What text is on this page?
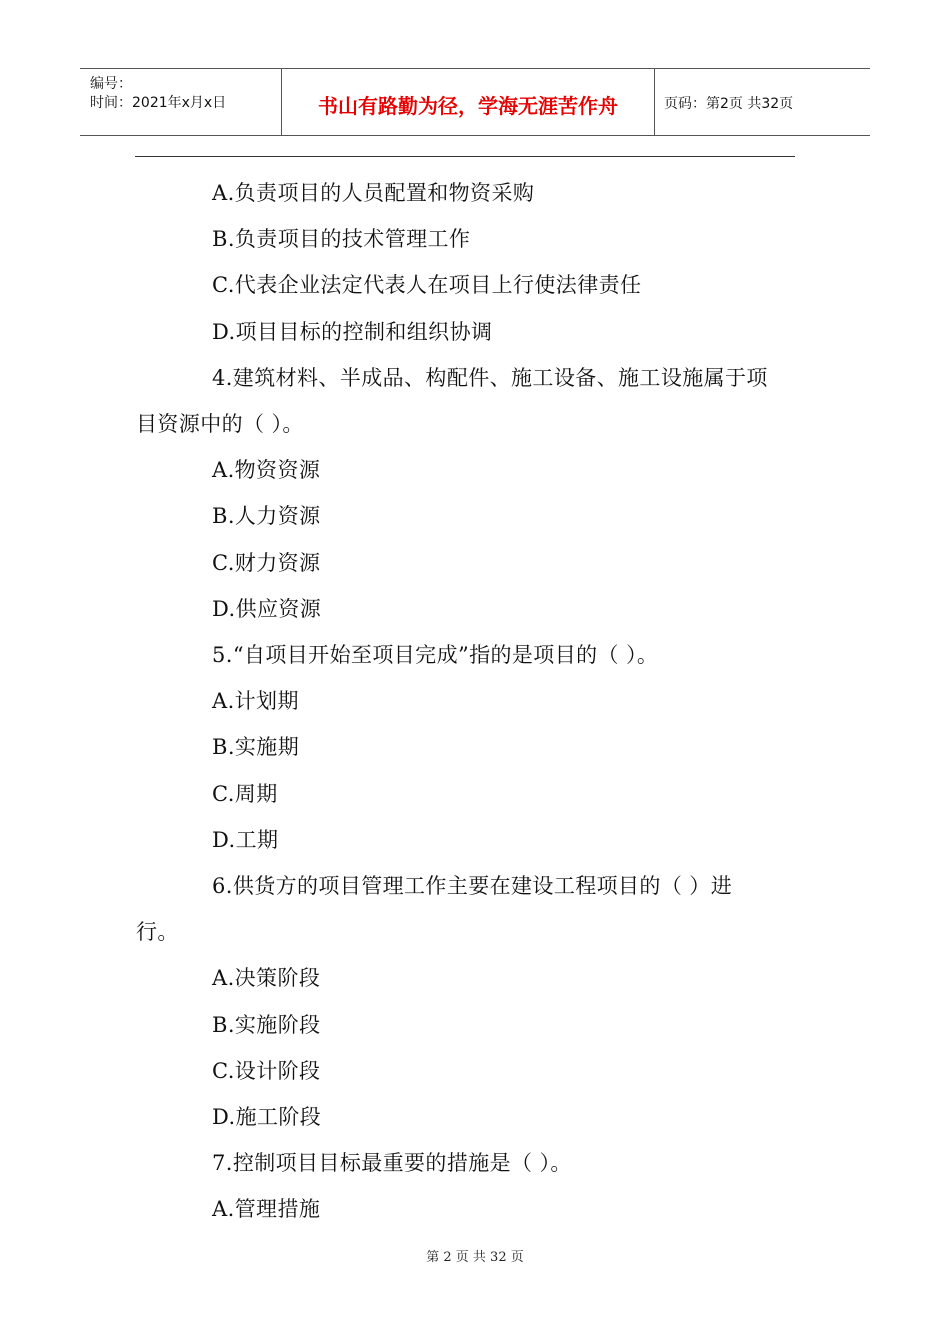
编号：
时间：2021年x月x日	书山有路勤为径，学海无涯苦作舟	页码：第2页 共32页
A.负责项目的人员配置和物资采购
B.负责项目的技术管理工作
C.代表企业法定代表人在项目上行使法律责任
D.项目目标的控制和组织协调
4.建筑材料、半成品、构配件、施工设备、施工设施属于项
目资源中的（ ）。
A.物资资源
B.人力资源
C.财力资源
D.供应资源
5.“自项目开始至项目完成”指的是项目的（ ）。
A.计划期
B.实施期
C.周期
D.工期
6.供货方的项目管理工作主要在建设工程项目的（ ）进
行。
A.决策阶段
B.实施阶段
C.设计阶段
D.施工阶段
7.控制项目目标最重要的措施是（ ）。
A.管理措施
第 2 页 共 32 页
